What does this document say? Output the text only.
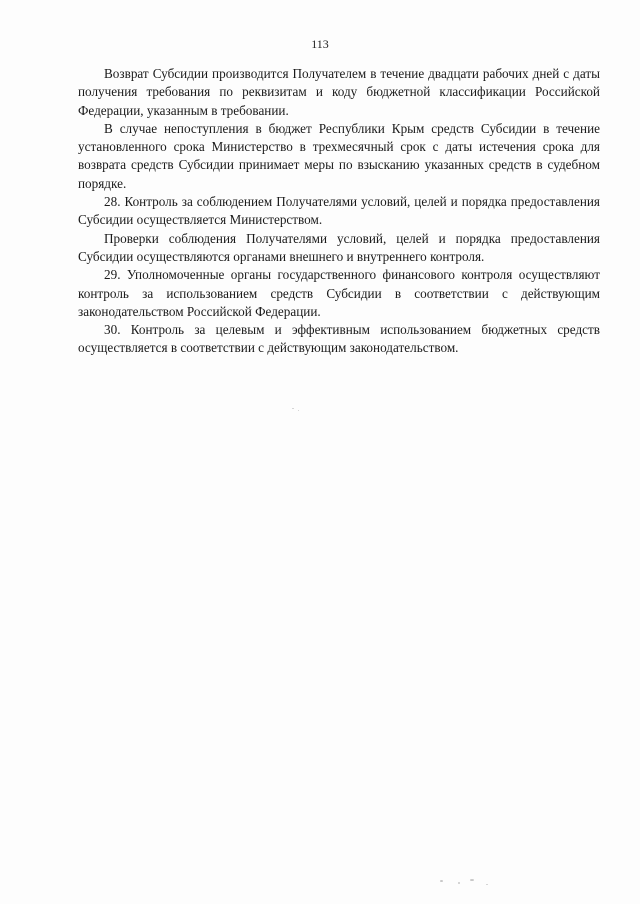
113

Возврат Субсидии производится Получателем в течение двадцати рабочих дней с даты получения требования по реквизитам и коду бюджетной классификации Российской Федерации, указанным в требовании.

В случае непоступления в бюджет Республики Крым средств Субсидии в течение установленного срока Министерство в трехмесячный срок с даты истечения срока для возврата средств Субсидии принимает меры по взысканию указанных средств в судебном порядке.

28. Контроль за соблюдением Получателями условий, целей и порядка предоставления Субсидии осуществляется Министерством.

Проверки соблюдения Получателями условий, целей и порядка предоставления Субсидии осуществляются органами внешнего и внутреннего контроля.

29. Уполномоченные органы государственного финансового контроля осуществляют контроль за использованием средств Субсидии в соответствии с действующим законодательством Российской Федерации.

30. Контроль за целевым и эффективным использованием бюджетных средств осуществляется в соответствии с действующим законодательством.
